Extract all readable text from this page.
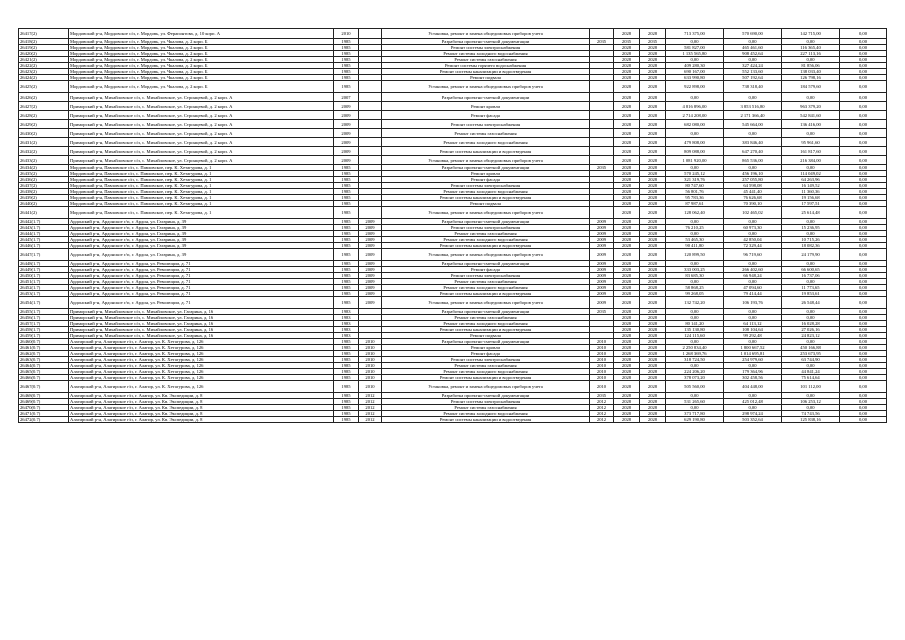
26417(2)	Мордовский р-н, Мордовское с/п, г. Мордовь, ул. Ферапонтова, д. 10 корп. А	2010		Установка, ремонт и замена общедомовых приборов учета		2028	2028	713 375,00	570 690,00	142 715,00	0,00
26418(2)	Мордовский р-н, Мордовское с/п, г. Мордовь, ул. Чкалова, д. 2 корп. Б	1985		Разработка проектно-сметной документации	2035	2035	2035	0,00	0,00	0,00	0,00
26419(2)	Мордовский р-н, Мордовское с/п, г. Мордовь, ул. Чкалова, д. 2 корп. Б	1985		Ремонт системы электроснабжения		2028	2028	581 827,00	465 461,60	116 365,40	0,00
26420(2)	Мордовский р-н, Мордовское с/п, г. Мордовь, ул. Чкалова, д. 2 корп. Б	1985		Ремонт системы холодного водоснабжения		2028	2028	1 135 565,80	908 452,64	227 113,16	0,00
26421(2)	Мордовский р-н, Мордовское с/п, г. Мордовь, ул. Чкалова, д. 2 корп. Б	1985		Ремонт системы газоснабжения		2028	2028	0,00	0,00	0,00	0,00
26422(2)	Мордовский р-н, Мордовское с/п, г. Мордовь, ул. Чкалова, д. 2 корп. Б	1985		Ремонт системы горячего водоснабжения		2028	2028	409 280,30	327 424,24	81 856,06	0,00
26423(2)	Мордовский р-н, Мордовское с/п, г. Мордовь, ул. Чкалова, д. 2 корп. Б	1985		Ремонт системы канализации и водоотведения		2028	2028	690 167,00	552 133,60	138 033,40	0,00
26424(2)	Мордовский р-н, Мордовское с/п, г. Мордовь, ул. Чкалова, д. 2 корп. Б	1985		Ремонт подвала		2028	2028	633 990,80	507 192,64	126 798,16	0,00
26425(2)	Мордовский р-н, Мордовское с/п, г. Мордовь, ул. Чкалова, д. 2 корп. Б	1985		Установка, ремонт и замена общедомовых приборов учета		2028	2028	922 898,00	738 318,40	184 579,60	0,00
26426(2)	Приморский р-н, Михайловское с/п, с. Михайловское, ул. Стронцевой, д. 2 корп. А	2007		Разработка проектно-сметной документации		2028	2028	0,00	0,00	0,00	0,00
26427(2)	Приморский р-н, Михайловское с/п, с. Михайловское, ул. Стронцевой, д. 2 корп. А	2009		Ремонт кровли		2028	2028	4 816 896,00	3 853 516,80	963 379,20	0,00
26428(2)	Приморский р-н, Михайловское с/п, с. Михайловское, ул. Стронцевой, д. 2 корп. А	2009		Ремонт фасада		2028	2028	2 714 208,00	2 171 366,40	542 841,60	0,00
26429(2)	Приморский р-н, Михайловское с/п, с. Михайловское, ул. Стронцевой, д. 2 корп. А	2009		Ремонт системы электроснабжения		2028	2028	682 080,00	545 664,00	136 416,00	0,00
26430(2)	Приморский р-н, Михайловское с/п, с. Михайловское, ул. Стронцевой, д. 2 корп. А	2009		Ремонт системы газоснабжения		2028	2028	0,00	0,00	0,00	0,00
26431(2)	Приморский р-н, Михайловское с/п, с. Михайловское, ул. Стронцевой, д. 2 корп. А	2009		Ремонт системы холодного водоснабжения		2028	2028	479 808,00	383 846,40	95 961,60	0,00
26432(2)	Приморский р-н, Михайловское с/п, с. Михайловское, ул. Стронцевой, д. 2 корп. А	2009		Ремонт системы канализации и водоотведения		2028	2028	809 088,00	647 270,40	161 817,60	0,00
26433(2)	Приморский р-н, Михайловское с/п, с. Михайловское, ул. Стронцевой, д. 2 корп. А	2009		Установка, ремонт и замена общедомовых приборов учета		2028	2028	1 081 920,00	865 536,00	216 384,00	0,00
26434(2)	Мордовский р-н, Павловское с/п, с. Павловское, пер. К. Хетагурова, д. 1	1985		Разработка проектно-сметной документации	2035	2028	2028	0,00	0,00	0,00	0,00
26435(2)	Мордовский р-н, Павловское с/п, с. Павловское, пер. К. Хетагурова, д. 1	1985		Ремонт кровли		2028	2028	570 245,12	456 196,10	114 049,02	0,00
26436(2)	Мордовский р-н, Павловское с/п, с. Павловское, пер. К. Хетагурова, д. 1	1985		Ремонт фасада		2028	2028	321 319,76	257 055,80	64 263,96	0,00
26437(2)	Мордовский р-н, Павловское с/п, с. Павловское, пер. К. Хетагурова, д. 1	1985		Ремонт системы электроснабжения		2028	2028	80 747,60	64 598,08	16 149,52	0,00
26438(2)	Мордовский р-н, Павловское с/п, с. Павловское, пер. К. Хетагурова, д. 1	1985		Ремонт системы холодного водоснабжения		2028	2028	56 801,76	45 441,40	11 360,36	0,00
26439(2)	Мордовский р-н, Павловское с/п, с. Павловское, пер. К. Хетагурова, д. 1	1985		Ремонт системы канализации и водоотведения		2028	2028	95 783,36	76 626,68	19 156,68	0,00
26440(2)	Мордовский р-н, Павловское с/п, с. Павловское, пер. К. Хетагурова, д. 1	1985		Ремонт подвала		2028	2028	87 987,61	70 390,10	17 597,51	0,00
26441(2)	Мордовский р-н, Павловское с/п, с. Павловское, пер. К. Хетагурова, д. 1	1985		Установка, ремонт и замена общедомовых приборов учета		2028	2028	128 062,40	102 465,02	25 614,48	0,00
26442(1.7)	Ардонский р-н, Ардонское г/п, г. Ардон, ул. Гагарина, д. 39	1985	2009	Разработка проектно-сметной документации	2009	2028	2028	0,00	0,00	0,00	0,00
26443(1.7)	Ардонский р-н, Ардонское г/п, г. Ардон, ул. Гагарина, д. 39	1985	2009	Ремонт системы электроснабжения	2009	2028	2028	76 210,25	60 973,30	15 236,95	0,00
26444(1.7)	Ардонский р-н, Ардонское г/п, г. Ардон, ул. Гагарина, д. 39	1985	2009	Ремонт системы газоснабжения	2009	2028	2028	0,00	0,00	0,00	0,00
26445(1.7)	Ардонский р-н, Ардонское г/п, г. Ардон, ул. Гагарина, д. 39	1985	2009	Ремонт системы холодного водоснабжения	2009	2028	2028	53 465,30	42 850,04	10 715,26	0,00
26446(1.7)	Ардонский р-н, Ардонское г/п, г. Ардон, ул. Гагарина, д. 39	1985	2009	Ремонт системы канализации и водоотведения	2009	2028	2028	90 411,80	72 329,44	18 082,36	0,00
26447(1.7)	Ардонский р-н, Ардонское г/п, г. Ардон, ул. Гагарина, д. 39	1985	2009	Установка, ремонт и замена общедомовых приборов учета	2009	2028	2028	120 899,50	96 719,60	24 179,90	0,00
26448(1.7)	Ардонский р-н, Ардонское г/п, г. Ардон, ул. Революции, д. 71	1985	2009	Разработка проектно-сметной документации	2009	2028	2028	0,00	0,00	0,00	0,00
26449(1.7)	Ардонский р-н, Ардонское г/п, г. Ардон, ул. Революции, д. 71	1985	2009	Ремонт фасада	2009	2028	2028	333 003,25	266 402,60	66 600,65	0,00
26450(1.7)	Ардонский р-н, Ардонское г/п, г. Ардон, ул. Революции, д. 71	1985	2009	Ремонт системы электроснабжения	2009	2028	2028	83 685,30	66 948,24	16 737,06	0,00
26451(1.7)	Ардонский р-н, Ардонское г/п, г. Ардон, ул. Революции, д. 71	1985	2009	Ремонт системы газоснабжения	2009	2028	2028	0,00	0,00	0,00	0,00
26452(1.7)	Ардонский р-н, Ардонское г/п, г. Ардон, ул. Революции, д. 71	1985	2009	Ремонт системы холодного водоснабжения	2009	2028	2028	58 868,25	47 094,60	11 773,65	0,00
26453(1.7)	Ардонский р-н, Ардонское г/п, г. Ардон, ул. Революции, д. 71	1985	2009	Ремонт системы канализации и водоотведения	2009	2028	2028	99 268,05	79 414,44	19 853,61	0,00
26454(1.7)	Ардонский р-н, Ардонское г/п, г. Ардон, ул. Революции, д. 71	1985	2009	Установка, ремонт и замена общедомовых приборов учета	2009	2028	2028	132 742,20	106 193,76	26 548,44	0,00
26455(1.7)	Приморский р-н, Михайловское с/п, с. Михайловское, ул. Гагарина, д. 16	1983		Разработка проектно-сметной документации	2035	2028	2028	0,00	0,00	0,00	0,00
26456(1.7)	Приморский р-н, Михайловское с/п, с. Михайловское, ул. Гагарина, д. 16	1983		Ремонт системы газоснабжения		2028	2028	0,00	0,00	0,00	0,00
26457(1.7)	Приморский р-н, Михайловское с/п, с. Михайловское, ул. Гагарина, д. 16	1983		Ремонт системы холодного водоснабжения		2028	2028	80 141,20	64 113,12	16 028,28	0,00
26458(1.7)	Приморский р-н, Михайловское с/п, с. Михайловское, ул. Гагарина, д. 16	1983		Ремонт системы канализации и водоотведения		2028	2028	135 130,80	108 104,64	27 026,16	0,00
26459(1.7)	Приморский р-н, Михайловское с/п, с. Михайловское, ул. Гагарина, д. 16	1983		Ремонт подвала		2028	2028	124 115,60	99 292,48	24 823,12	0,00
26460(0.7)	Алагирский р-н, Алагирское г/п, г. Алагир, ул. К. Хетагурова, д. 126	1985	2010	Разработка проектно-сметной документации	2010	2028	2028	0,00	0,00	0,00	0,00
26461(0.7)	Алагирский р-н, Алагирское г/п, г. Алагир, ул. К. Хетагурова, д. 126	1985	2010	Ремонт кровли	2010	2028	2028	2 250 834,40	1 800 667,52	450 166,88	0,00
26462(0.7)	Алагирский р-н, Алагирское г/п, г. Алагир, ул. К. Хетагурова, д. 126	1985	2010	Ремонт фасада	2010	2028	2028	1 268 369,76	1 014 695,81	253 673,95	0,00
26463(0.7)	Алагирский р-н, Алагирское г/п, г. Алагир, ул. К. Хетагурова, д. 126	1985	2010	Ремонт системы электроснабжения	2010	2028	2028	318 724,50	254 979,60	63 744,90	0,00
26464(0.7)	Алагирский р-н, Алагирское г/п, г. Алагир, ул. К. Хетагурова, д. 126	1985	2010	Ремонт системы газоснабжения	2010	2028	2028	0,00	0,00	0,00	0,00
26465(0.7)	Алагирский р-н, Алагирское г/п, г. Алагир, ул. К. Хетагурова, д. 126	1985	2010	Ремонт системы холодного водоснабжения	2010	2028	2028	224 206,20	179 364,96	44 841,24	0,00
26466(0.7)	Алагирский р-н, Алагирское г/п, г. Алагир, ул. К. Хетагурова, д. 126	1985	2010	Ремонт системы канализации и водоотведения	2010	2028	2028	378 073,20	302 458,56	75 614,64	0,00
26467(0.7)	Алагирский р-н, Алагирское г/п, г. Алагир, ул. К. Хетагурова, д. 126	1985	2010	Установка, ремонт и замена общедомовых приборов учета	2010	2028	2028	505 560,00	404 448,00	101 112,00	0,00
26468(0.7)	Алагирский р-н, Алагирское г/п, г. Алагир, ул. Кв. Экспедиции, д. 8	1985	2012	Разработка проектно-сметной документации	2035	2028	2028	0,00	0,00	0,00	0,00
26469(0.7)	Алагирский р-н, Алагирское г/п, г. Алагир, ул. Кв. Экспедиции, д. 8	1985	2012	Ремонт системы электроснабжения	2012	2028	2028	531 265,60	425 012,48	106 253,12	0,00
26470(0.7)	Алагирский р-н, Алагирское г/п, г. Алагир, ул. Кв. Экспедиции, д. 8	1985	2012	Ремонт системы газоснабжения	2012	2028	2028	0,00	0,00	0,00	0,00
26471(0.7)	Алагирский р-н, Алагирское г/п, г. Алагир, ул. Кв. Экспедиции, д. 8	1985	2012	Ремонт системы холодного водоснабжения	2012	2028	2028	373 717,80	298 974,24	74 743,56	0,00
26472(0.7)	Алагирский р-н, Алагирское г/п, г. Алагир, ул. Кв. Экспедиции, д. 8	1985	2012	Ремонт системы канализации и водоотведения	2012	2028	2028	629 190,80	503 352,64	125 838,16	0,00
